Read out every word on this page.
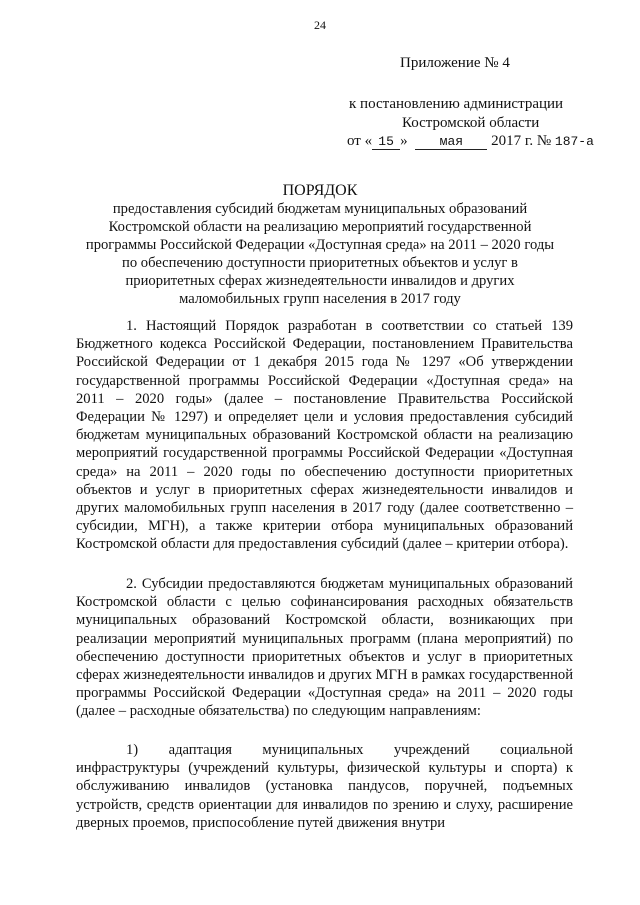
24
Приложение № 4
к постановлению администрации
Костромской области
от « 15 » мая 2017 г. № 187-а
ПОРЯДОК
предоставления субсидий бюджетам муниципальных образований Костромской области на реализацию мероприятий государственной программы Российской Федерации «Доступная среда» на 2011 – 2020 годы по обеспечению доступности приоритетных объектов и услуг в приоритетных сферах жизнедеятельности инвалидов и других маломобильных групп населения в 2017 году

1. Настоящий Порядок разработан в соответствии со статьей 139 Бюджетного кодекса Российской Федерации, постановлением Правительства Российской Федерации от 1 декабря 2015 года № 1297 «Об утверждении государственной программы Российской Федерации «Доступная среда» на 2011 – 2020 годы» (далее – постановление Правительства Российской Федерации № 1297) и определяет цели и условия предоставления субсидий бюджетам муниципальных образований Костромской области на реализацию мероприятий государственной программы Российской Федерации «Доступная среда» на 2011 – 2020 годы по обеспечению доступности приоритетных объектов и услуг в приоритетных сферах жизнедеятельности инвалидов и других маломобильных групп населения в 2017 году (далее соответственно – субсидии, МГН), а также критерии отбора муниципальных образований Костромской области для предоставления субсидий (далее – критерии отбора).

2. Субсидии предоставляются бюджетам муниципальных образований Костромской области с целью софинансирования расходных обязательств муниципальных образований Костромской области, возникающих при реализации мероприятий муниципальных программ (плана мероприятий) по обеспечению доступности приоритетных объектов и услуг в приоритетных сферах жизнедеятельности инвалидов и других МГН в рамках государственной программы Российской Федерации «Доступная среда» на 2011 – 2020 годы (далее – расходные обязательства) по следующим направлениям:

1) адаптация муниципальных учреждений социальной инфраструктуры (учреждений культуры, физической культуры и спорта) к обслуживанию инвалидов (установка пандусов, поручней, подъемных устройств, средств ориентации для инвалидов по зрению и слуху, расширение дверных проемов, приспособление путей движения внутри
